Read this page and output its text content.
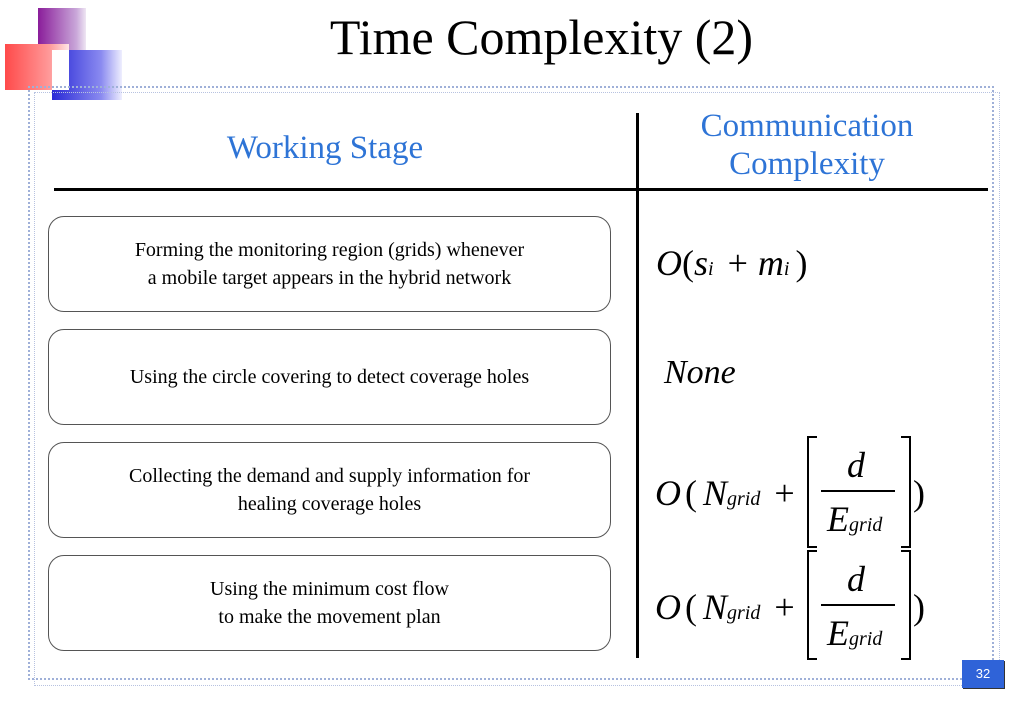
Time Complexity (2)
Working Stage
Communication
Complexity
Forming the monitoring region (grids) whenever
a mobile target appears in the hybrid network
Using the circle covering to detect coverage holes
Collecting the demand and supply information for
healing coverage holes
Using the minimum cost flow
to make the movement plan
O(si + mi )
None
O ( Ngrid +
d
Egrid
)
O ( Ngrid +
d
Egrid
)
32
